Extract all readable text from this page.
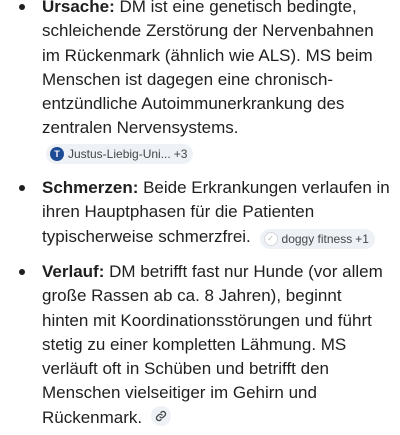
Ursache: DM ist eine genetisch bedingte, schleichende Zerstörung der Nervenbahnen im Rückenmark (ähnlich wie ALS). MS beim Menschen ist dagegen eine chronisch-entzündliche Autoimmunerkrankung des zentralen Nervensystems.
T Justus-Liebig-Uni... +3
Schmerzen: Beide Erkrankungen verlaufen in ihren Hauptphasen für die Patienten typischerweise schmerzfrei.	✓ doggy fitness +1
Verlauf: DM betrifft fast nur Hunde (vor allem große Rassen ab ca. 8 Jahren), beginnt hinten mit Koordinationsstörungen und führt stetig zu einer kompletten Lähmung. MS verläuft oft in Schüben und betrifft den Menschen vielseitiger im Gehirn und Rückenmark.
